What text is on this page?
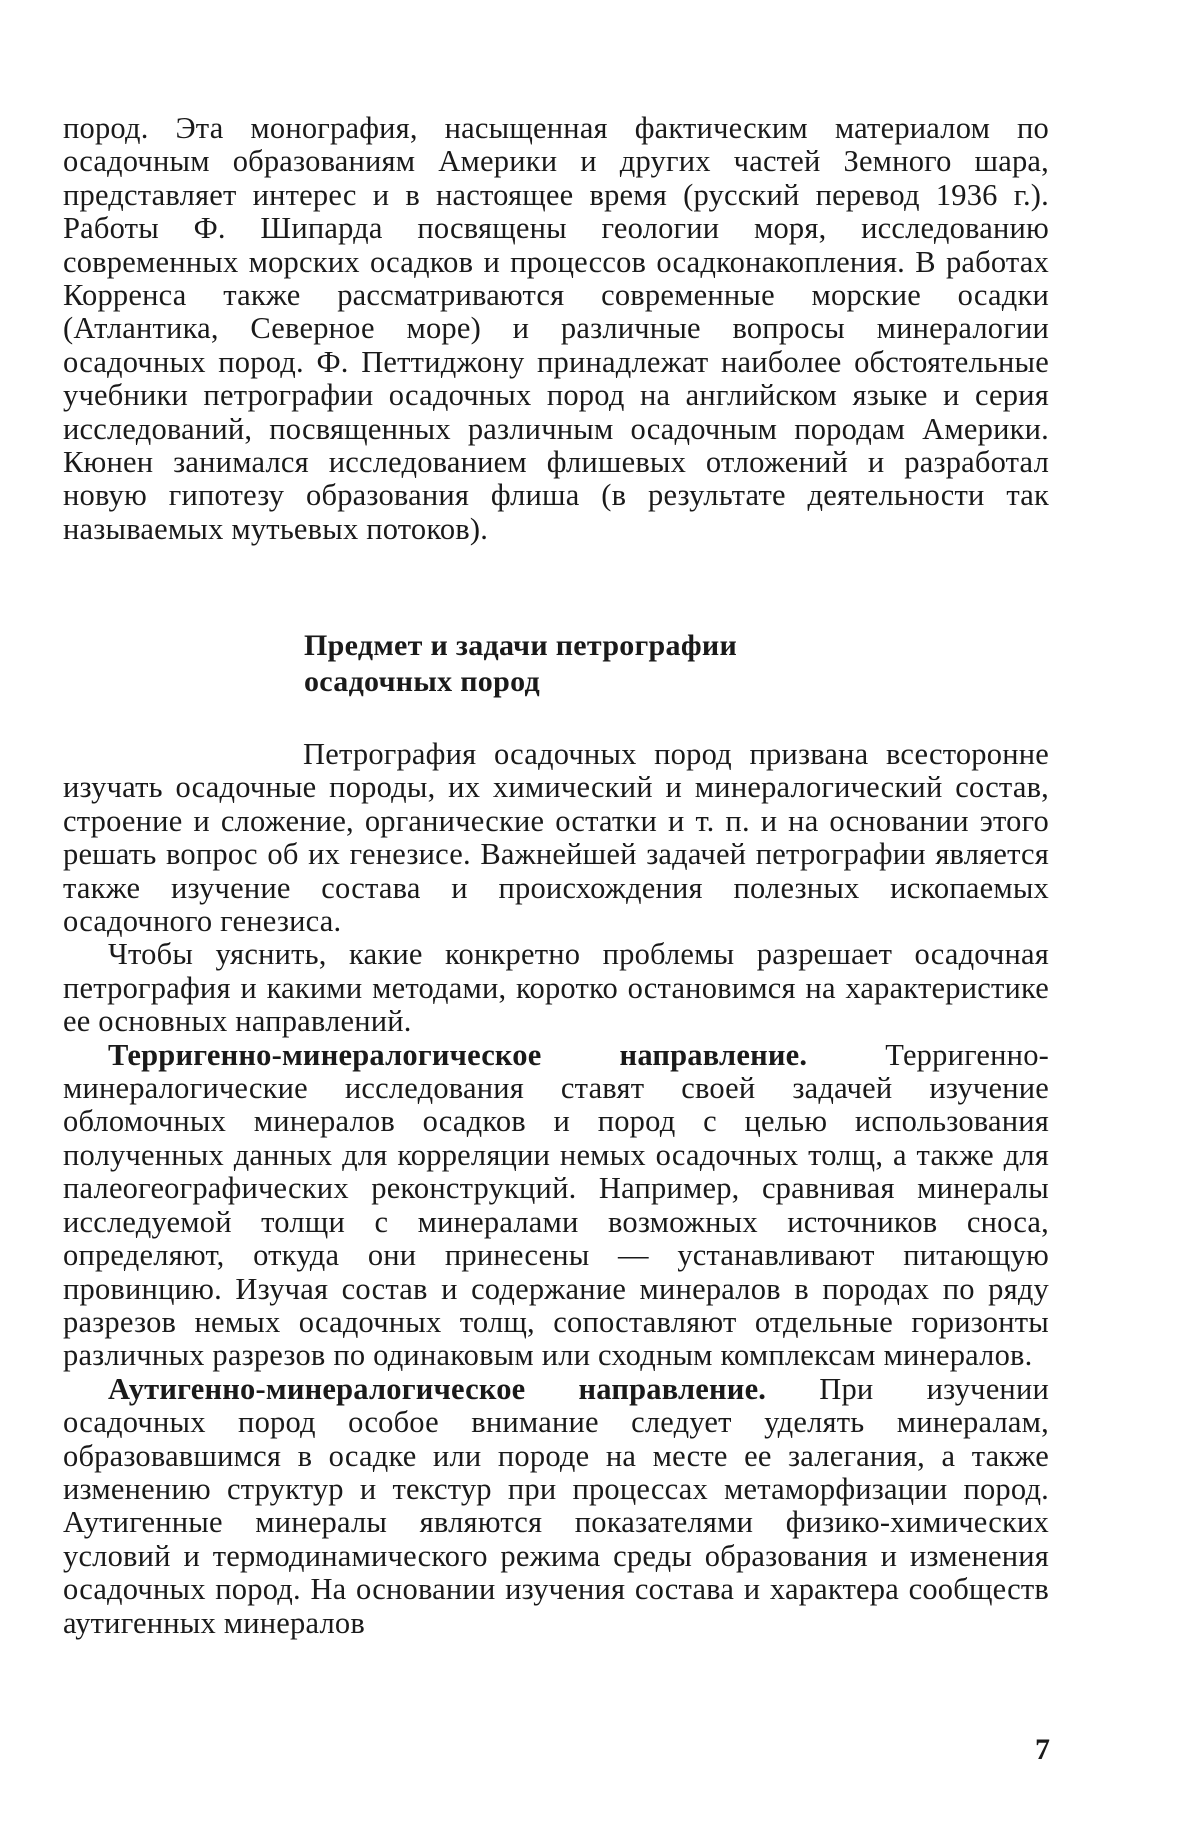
пород. Эта монография, насыщенная фактическим материалом по осадочным образованиям Америки и других частей Земного шара, представляет интерес и в настоящее время (русский перевод 1936 г.). Работы Ф. Шипарда посвящены геологии моря, исследованию современных морских осадков и процессов осадконакопления. В работах Корренса также рассматриваются современные морские осадки (Атлантика, Северное море) и различные вопросы минералогии осадочных пород. Ф. Петтиджону принадлежат наиболее обстоятельные учебники петрографии осадочных пород на английском языке и серия исследований, посвященных различным осадочным породам Америки. Кюнен занимался исследованием флишевых отложений и разработал новую гипотезу образования флиша (в результате деятельности так называемых мутьевых потоков).

Предмет и задачи петрографии
осадочных пород

Петрография осадочных пород призвана всесторонне изучать осадочные породы, их химический и минералогический состав, строение и сложение, органические остатки и т. п. и на основании этого решать вопрос об их генезисе. Важнейшей задачей петрографии является также изучение состава и происхождения полезных ископаемых осадочного генезиса.

Чтобы уяснить, какие конкретно проблемы разрешает осадочная петрография и какими методами, коротко остановимся на характеристике ее основных направлений.

Терригенно-минералогическое направление. Терригенно-минералогические исследования ставят своей задачей изучение обломочных минералов осадков и пород с целью использования полученных данных для корреляции немых осадочных толщ, а также для палеогеографических реконструкций. Например, сравнивая минералы исследуемой толщи с минералами возможных источников сноса, определяют, откуда они принесены — устанавливают питающую провинцию. Изучая состав и содержание минералов в породах по ряду разрезов немых осадочных толщ, сопоставляют отдельные горизонты различных разрезов по одинаковым или сходным комплексам минералов.

Аутигенно-минералогическое направление. При изучении осадочных пород особое внимание следует уделять минералам, образовавшимся в осадке или породе на месте ее залегания, а также изменению структур и текстур при процессах метаморфизации пород. Аутигенные минералы являются показателями физико-химических условий и термодинамического режима среды образования и изменения осадочных пород. На основании изучения состава и характера сообществ аутигенных минералов

7
